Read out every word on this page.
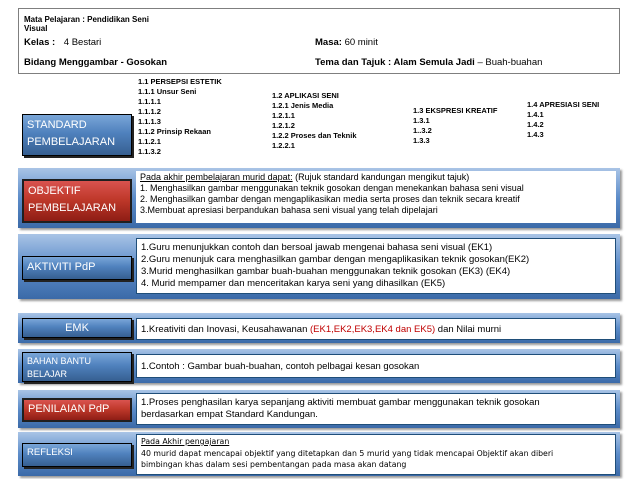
Mata Pelajaran : Pendidikan Seni Visual
Kelas : 4 Bestari	Masa: 60 minit
Bidang Menggambar - Gosokan	Tema dan Tajuk : Alam Semula Jadi – Buah-buahan
STANDARD PEMBELAJARAN
1.1 PERSEPSI ESTETIK
1.1.1 Unsur Seni
1.1.1.1
1.1.1.2
1.1.1.3
1.1.2 Prinsip Rekaan
1.1.2.1
1.1.3.2
1.2 APLIKASI SENI
1.2.1 Jenis Media
1.2.1.1
1.2.1.2
1.2.2 Proses dan Teknik
1.2.2.1
1.3 EKSPRESI KREATIF
1.3.1
1..3.2
1.3.3
1.4 APRESIASI SENI
1.4.1
1.4.2
1.4.3
OBJEKTIF PEMBELAJARAN
Pada akhir pembelajaran murid dapat: (Rujuk standard kandungan mengikut tajuk)
1. Menghasilkan gambar menggunakan teknik gosokan dengan menekankan bahasa seni visual
2. Menghasilkan gambar dengan mengaplikasikan media serta proses dan teknik secara kreatif
3.Membuat apresiasi berpandukan bahasa seni visual yang telah dipelajari
AKTIVITI PdP
1.Guru menunjukkan contoh dan bersoal jawab mengenai bahasa seni visual (EK1)
2.Guru menunjuk cara menghasilkan gambar dengan mengaplikasikan teknik gosokan(EK2)
3.Murid menghasilkan gambar buah-buahan menggunakan teknik gosokan (EK3) (EK4)
4. Murid mempamer dan menceritakan karya seni yang dihasilkan (EK5)
EMK	1.Kreativiti dan Inovasi, Keusahawanan (EK1,EK2,EK3,EK4 dan EK5) dan Nilai murni
BAHAN BANTU BELAJAR
1.Contoh : Gambar buah-buahan, contoh pelbagai kesan gosokan
PENILAIAN PdP
1.Proses penghasilan karya sepanjang aktiviti membuat gambar menggunakan teknik gosokan
berdasarkan empat Standard Kandungan.
REFLEKSI
Pada Akhir pengajaran
40 murid dapat mencapai objektif yang ditetapkan dan 5 murid yang tidak mencapai Objektif akan diberi
bimbingan khas dalam sesi pembentangan pada masa akan datang
